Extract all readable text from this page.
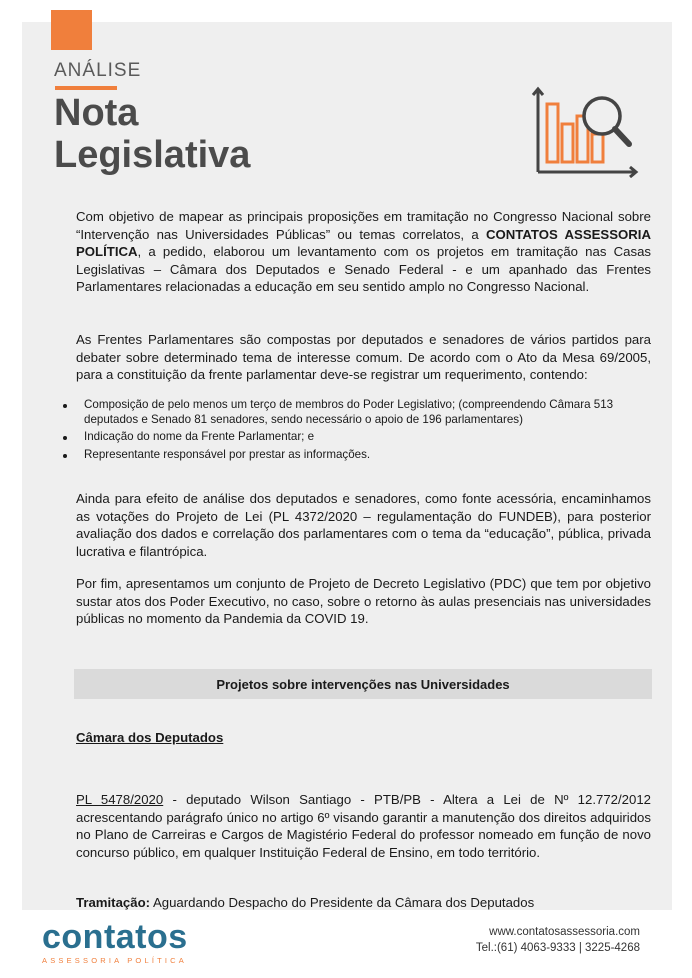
ANÁLISE
Nota
Legislativa
Com objetivo de mapear as principais proposições em tramitação no Congresso Nacional sobre “Intervenção nas Universidades Públicas” ou temas correlatos, a CONTATOS ASSESSORIA POLÍTICA, a pedido, elaborou um levantamento com os projetos em tramitação nas Casas Legislativas – Câmara dos Deputados e Senado Federal - e um apanhado das Frentes Parlamentares relacionadas a educação em seu sentido amplo no Congresso Nacional.
As Frentes Parlamentares são compostas por deputados e senadores de vários partidos para debater sobre determinado tema de interesse comum. De acordo com o Ato da Mesa 69/2005, para a constituição da frente parlamentar deve-se registrar um requerimento, contendo:
Composição de pelo menos um terço de membros do Poder Legislativo; (compreendendo Câmara 513 deputados e Senado 81 senadores, sendo necessário o apoio de 196 parlamentares)
Indicação do nome da Frente Parlamentar; e
Representante responsável por prestar as informações.
Ainda para efeito de análise dos deputados e senadores, como fonte acessória, encaminhamos as votações do Projeto de Lei (PL 4372/2020 – regulamentação do FUNDEB), para posterior avaliação dos dados e correlação dos parlamentares com o tema da “educação”, pública, privada lucrativa e filantrópica.
Por fim, apresentamos um conjunto de Projeto de Decreto Legislativo (PDC) que tem por objetivo sustar atos dos Poder Executivo, no caso, sobre o retorno às aulas presenciais nas universidades públicas no momento da Pandemia da COVID 19.
Projetos sobre intervenções nas Universidades
Câmara dos Deputados
PL 5478/2020 - deputado Wilson Santiago - PTB/PB - Altera a Lei de Nº 12.772/2012 acrescentando parágrafo único no artigo 6º visando garantir a manutenção dos direitos adquiridos no Plano de Carreiras e Cargos de Magistério Federal do professor nomeado em função de novo concurso público, em qualquer Instituição Federal de Ensino, em todo território.
Tramitação: Aguardando Despacho do Presidente da Câmara dos Deputados
contatos
ASSESSORIA POLÍTICA
www.contatosassessoria.com
Tel.:(61) 4063-9333 | 3225-4268
